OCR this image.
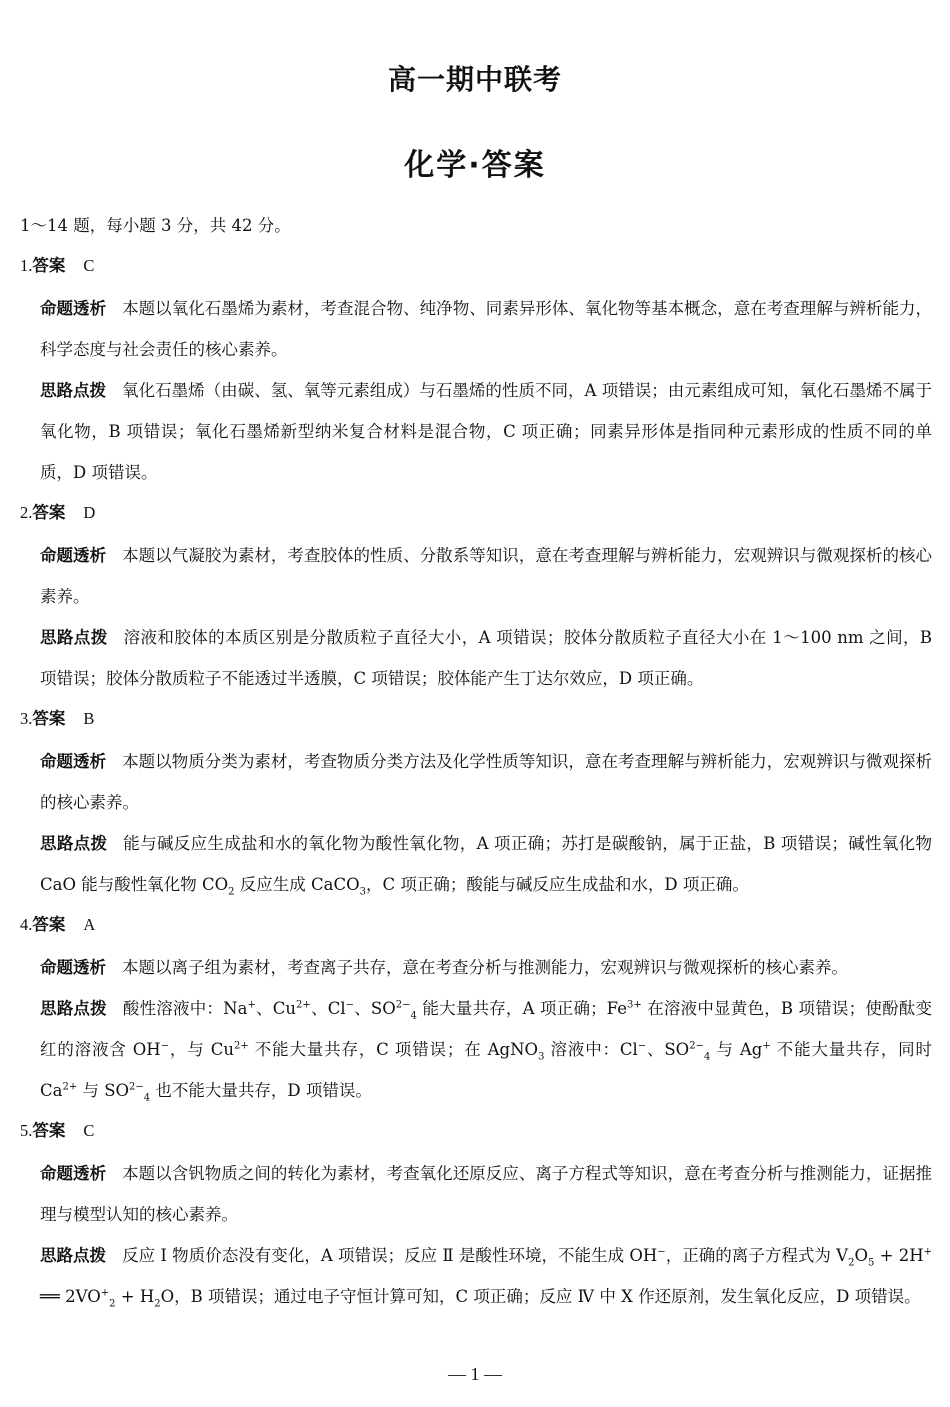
高一期中联考
化学·答案
1～14 题，每小题 3 分，共 42 分。
1.答案 C
命题透析 本题以氧化石墨烯为素材，考查混合物、纯净物、同素异形体、氧化物等基本概念，意在考查理解与辨析能力，科学态度与社会责任的核心素养。
思路点拨 氧化石墨烯（由碳、氢、氧等元素组成）与石墨烯的性质不同，A 项错误；由元素组成可知，氧化石墨烯不属于氧化物，B 项错误；氧化石墨烯新型纳米复合材料是混合物，C 项正确；同素异形体是指同种元素形成的性质不同的单质，D 项错误。
2.答案 D
命题透析 本题以气凝胶为素材，考查胶体的性质、分散系等知识，意在考查理解与辨析能力，宏观辨识与微观探析的核心素养。
思路点拨 溶液和胶体的本质区别是分散质粒子直径大小，A 项错误；胶体分散质粒子直径大小在 1～100 nm 之间，B 项错误；胶体分散质粒子不能透过半透膜，C 项错误；胶体能产生丁达尔效应，D 项正确。
3.答案 B
命题透析 本题以物质分类为素材，考查物质分类方法及化学性质等知识，意在考查理解与辨析能力，宏观辨识与微观探析的核心素养。
思路点拨 能与碱反应生成盐和水的氧化物为酸性氧化物，A 项正确；苏打是碳酸钠，属于正盐，B 项错误；碱性氧化物 CaO 能与酸性氧化物 $CO_2$ 反应生成 CaCO$_3$，C 项正确；酸能与碱反应生成盐和水，D 项正确。
4.答案 A
命题透析 本题以离子组为素材，考查离子共存，意在考查分析与推测能力，宏观辨识与微观探析的核心素养。
思路点拨 酸性溶液中：Na+、$Cu^{2+}$、Cl−、$SO^{2-}_4$ 能大量共存，A 项正确；$Fe^{3+}$ 在溶液中显黄色，B 项错误；使酚酞变红的溶液含 OH−，与 $Cu^{2+}$ 不能大量共存，C 项错误；在 AgNO$_3$ 溶液中：Cl−、$SO^{2-}_4$ 与 Ag+ 不能大量共存，同时 $Ca^{2+}$ 与 $SO^{2-}_4$ 也不能大量共存，D 项错误。
5.答案 C
命题透析 本题以含钒物质之间的转化为素材，考查氧化还原反应、离子方程式等知识，意在考查分析与推测能力，证据推理与模型认知的核心素养。
思路点拨 反应 Ⅰ 物质价态没有变化，A 项错误；反应 Ⅱ 是酸性环境，不能生成 OH−，正确的离子方程式为 $V_2O_5 + 2H^+$ ══ $2VO^+_2 + H_2O$，B 项错误；通过电子守恒计算可知，C 项正确；反应 Ⅳ 中 X 作还原剂，发生氧化反应，D 项错误。
— 1 —
